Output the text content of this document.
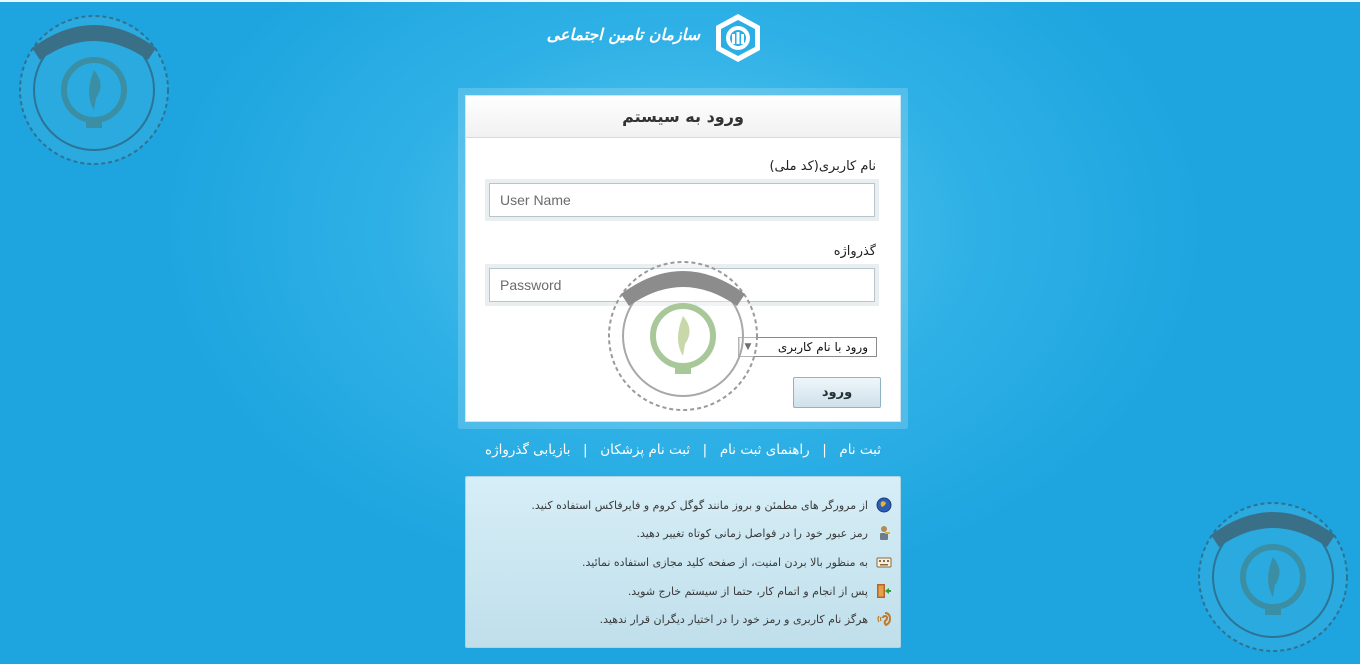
سازمان تامین اجتماعی
ورود به سیستم
نام کاربری(کد ملی)
User Name
گذرواژه
ورود با نام کاربری
ورود
ثبت نام
|
راهنمای ثبت نام
|
ثبت نام پزشکان
|
بازیابی گذرواژه
از مرورگر های مطمئن و بروز مانند گوگل کروم و فایرفاکس استفاده کنید.
رمز عبور خود را در فواصل زمانی کوتاه تغییر دهید.
به منظور بالا بردن امنیت، از صفحه کلید مجازی استفاده نمائید.
پس از انجام و اتمام کار، حتما از سیستم خارج شوید.
هرگز نام کاربری و رمز خود را در اختیار دیگران قرار ندهید.
